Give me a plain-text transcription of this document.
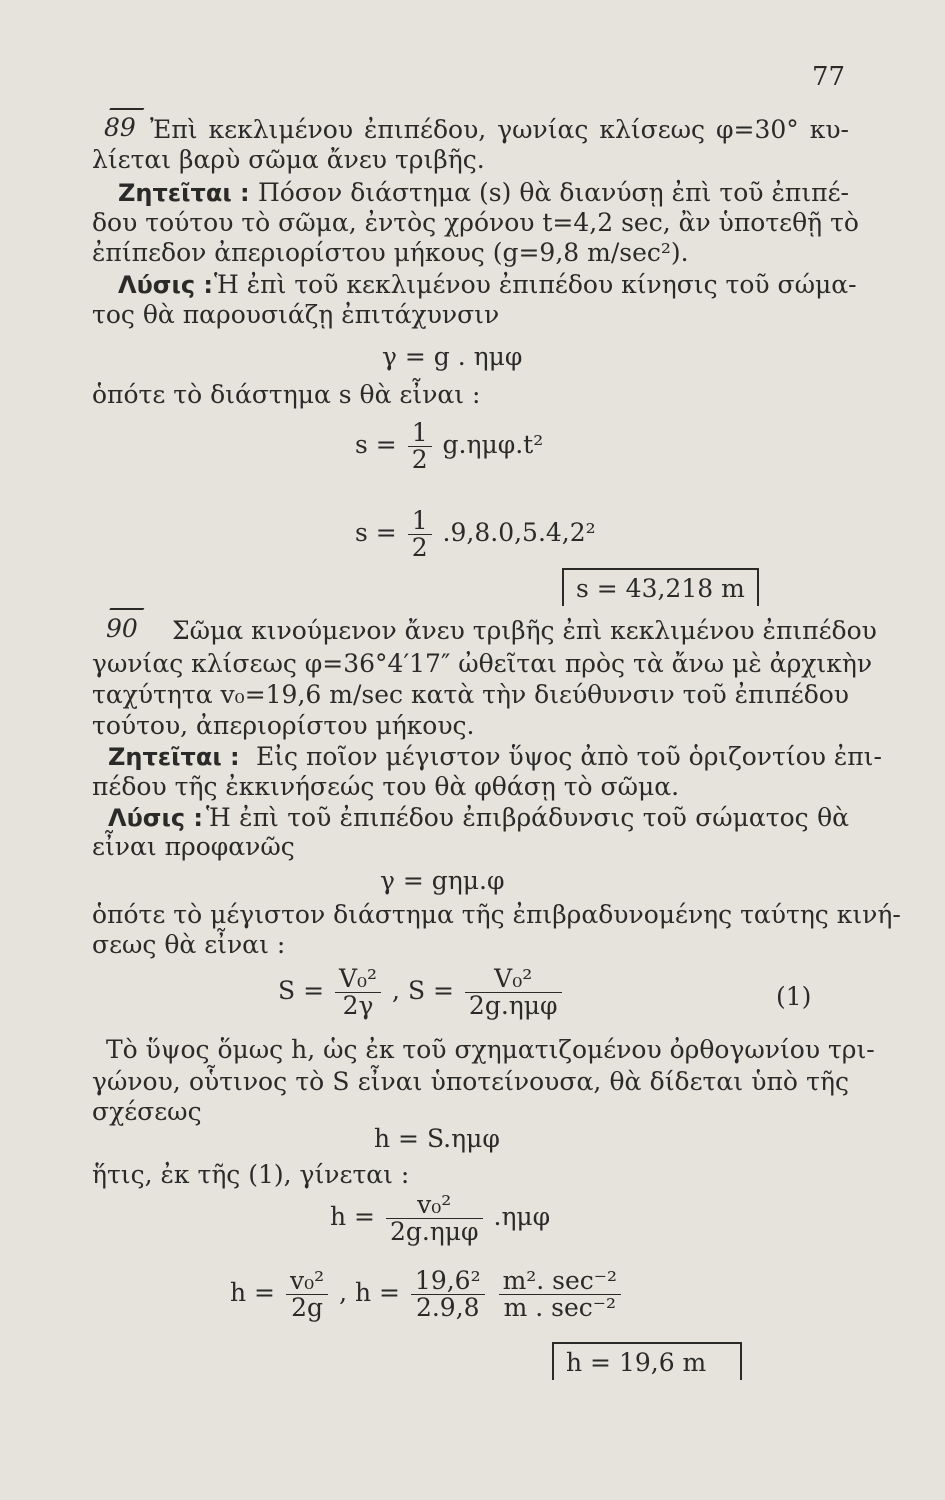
77
89 Ἐπὶ κεκλιμένου ἐπιπέδου, γωνίας κλίσεως φ=30° κυ-
λίεται βαρὺ σῶμα ἄνευ τριβῆς.
Ζητεῖται : Πόσον διάστημα (s) θὰ διανύσῃ ἐπὶ τοῦ ἐπιπέ-
δου τούτου τὸ σῶμα, ἐντὸς χρόνου t=4,2 sec, ἂν ὑποτεθῇ τὸ
ἐπίπεδον ἀπεριορίστου μήκους (g=9,8 m/sec²).
Λύσις : Ἡ ἐπὶ τοῦ κεκλιμένου ἐπιπέδου κίνησις τοῦ σώμα-
τος θὰ παρουσιάζῃ ἐπιτάχυνσιν
γ = g . ημφ
ὁπότε τὸ διάστημα s θὰ εἶναι :
$s = \frac{1}{2} g.\eta\mu\varphi.t^2$
$s = \frac{1}{2} .9,8.0,5.4,2^2$
s = 43,218 m
90 Σῶμα κινούμενον ἄνευ τριβῆς ἐπὶ κεκλιμένου ἐπιπέδου
γωνίας κλίσεως φ=36°4′17″ ὠθεῖται πρὸς τὰ ἄνω μὲ ἀρχικὴν
ταχύτητα v₀=19,6 m/sec κατὰ τὴν διεύθυνσιν τοῦ ἐπιπέδου
τούτου, ἀπεριορίστου μήκους.
Ζητεῖται : Εἰς ποῖον μέγιστον ὕψος ἀπὸ τοῦ ὁριζοντίου ἐπι-
πέδου τῆς ἐκκινήσεώς του θὰ φθάσῃ τὸ σῶμα.
Λύσις : Ἡ ἐπὶ τοῦ ἐπιπέδου ἐπιβράδυνσις τοῦ σώματος θὰ
εἶναι προφανῶς
γ = gημ.φ
ὁπότε τὸ μέγιστον διάστημα τῆς ἐπιβραδυνομένης ταύτης κινή-
σεως θὰ εἶναι :
$S = \frac{\text{V₀²}}{2\gamma}$ , $S = \frac{\text{V₀²}}{\text{2g.ημφ}}$	(1)
Τὸ ὕψος ὅμως h, ὡς ἐκ τοῦ σχηματιζομένου ὀρθογωνίου τρι-
γώνου, οὗτινος τὸ S εἶναι ὑποτείνουσα, θὰ δίδεται ὑπὸ τῆς
σχέσεως
h = S.ημφ
ἥτις, ἐκ τῆς (1), γίνεται :
$h = \frac{\text{v₀²}}{\text{2g.ημφ}} .\eta\mu\varphi$
$h = \frac{\text{v₀²}}{2g}$ , $h = \frac{\text{19,6²}}{2.9,8}$
$\frac{\text{m². sec⁻²}}{\text{m . sec⁻²}}$
h = 19,6 m
